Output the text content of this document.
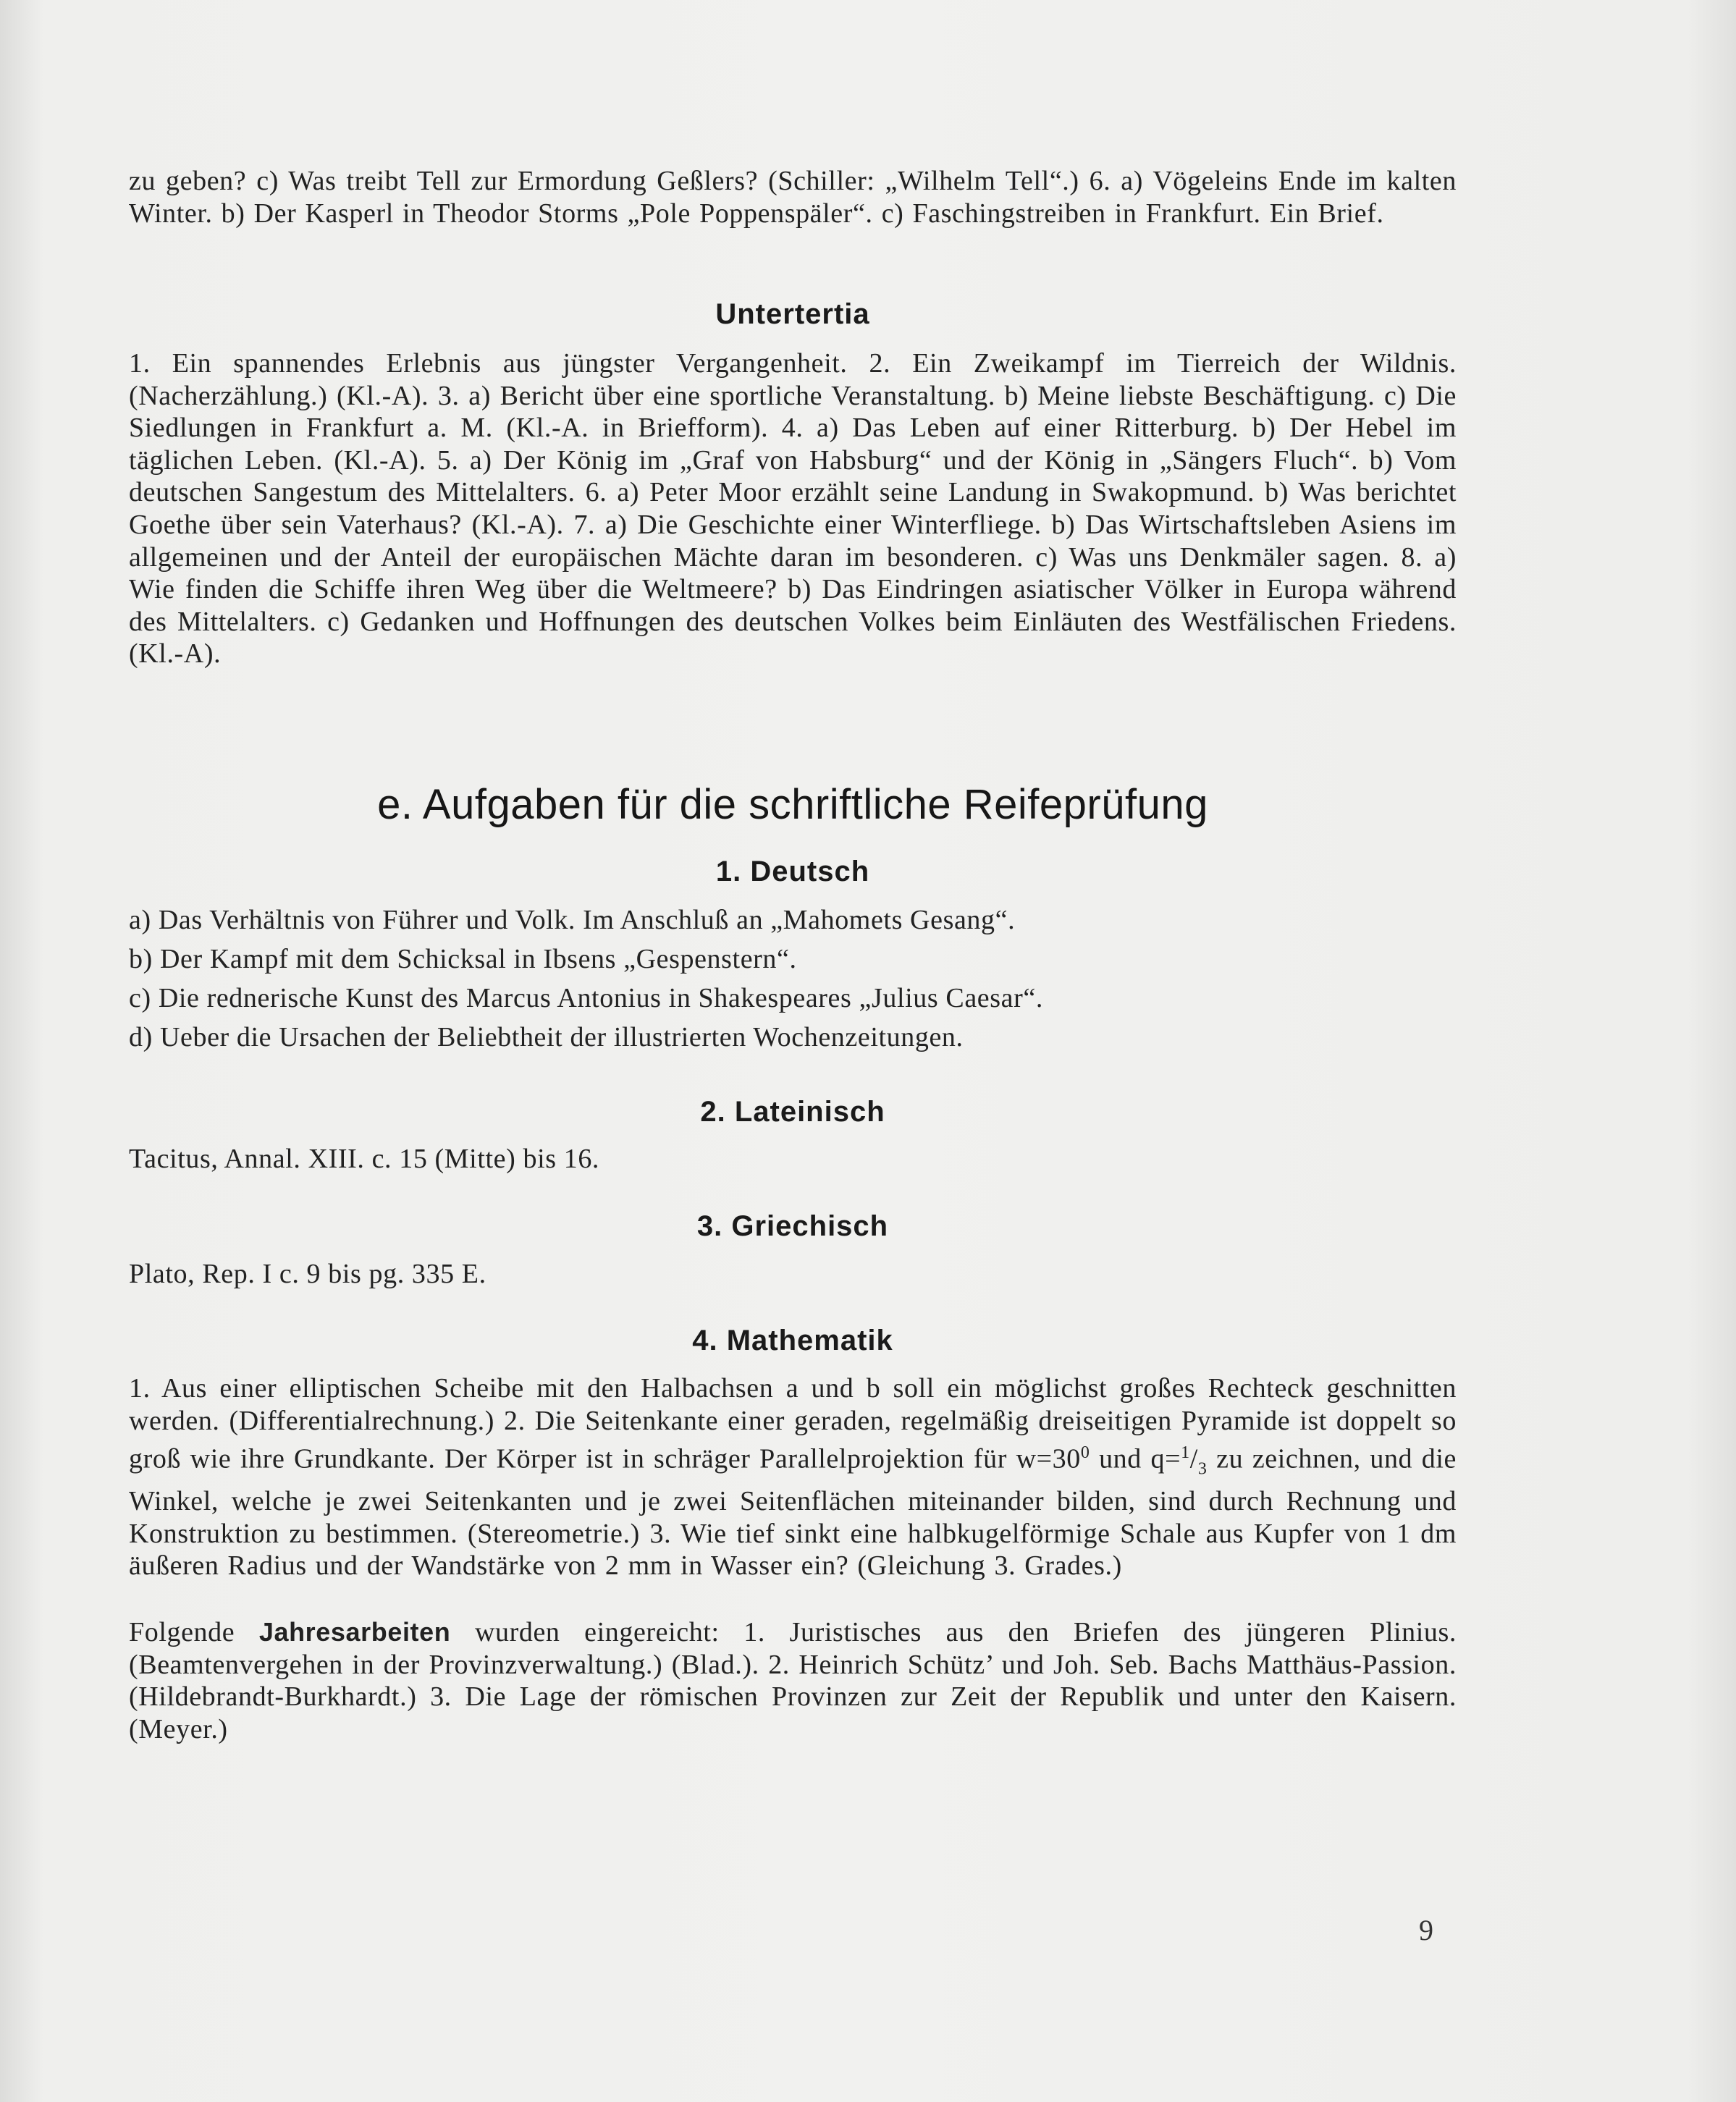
zu geben? c) Was treibt Tell zur Ermordung Geßlers? (Schiller: „Wilhelm Tell“.) 6. a) Vögeleins Ende im kalten Winter. b) Der Kasperl in Theodor Storms „Pole Poppenspäler“. c) Faschingstreiben in Frankfurt. Ein Brief.
Untertertia
1. Ein spannendes Erlebnis aus jüngster Vergangenheit. 2. Ein Zweikampf im Tierreich der Wildnis. (Nacherzählung.) (Kl.-A). 3. a) Bericht über eine sportliche Veranstaltung. b) Meine liebste Beschäftigung. c) Die Siedlungen in Frankfurt a. M. (Kl.-A. in Briefform). 4. a) Das Leben auf einer Ritterburg. b) Der Hebel im täglichen Leben. (Kl.-A). 5. a) Der König im „Graf von Habsburg“ und der König in „Sängers Fluch“. b) Vom deutschen Sangestum des Mittelalters. 6. a) Peter Moor erzählt seine Landung in Swakopmund. b) Was berichtet Goethe über sein Vaterhaus? (Kl.-A). 7. a) Die Geschichte einer Winterfliege. b) Das Wirtschaftsleben Asiens im allgemeinen und der Anteil der europäischen Mächte daran im besonderen. c) Was uns Denkmäler sagen. 8. a) Wie finden die Schiffe ihren Weg über die Weltmeere? b) Das Eindringen asiatischer Völker in Europa während des Mittelalters. c) Gedanken und Hoffnungen des deutschen Volkes beim Einläuten des Westfälischen Friedens. (Kl.-A).
e. Aufgaben für die schriftliche Reifeprüfung
1. Deutsch
a) Das Verhältnis von Führer und Volk. Im Anschluß an „Mahomets Gesang“.
b) Der Kampf mit dem Schicksal in Ibsens „Gespenstern“.
c) Die rednerische Kunst des Marcus Antonius in Shakespeares „Julius Caesar“.
d) Ueber die Ursachen der Beliebtheit der illustrierten Wochenzeitungen.
2. Lateinisch
Tacitus, Annal. XIII. c. 15 (Mitte) bis 16.
3. Griechisch
Plato, Rep. I c. 9 bis pg. 335 E.
4. Mathematik
1. Aus einer elliptischen Scheibe mit den Halbachsen a und b soll ein möglichst großes Rechteck geschnitten werden. (Differentialrechnung.) 2. Die Seitenkante einer geraden, regelmäßig dreiseitigen Pyramide ist doppelt so groß wie ihre Grundkante. Der Körper ist in schräger Parallelprojektion für $w=30^0$ und $q=^1/_3$ zu zeichnen, und die Winkel, welche je zwei Seitenkanten und je zwei Seitenflächen miteinander bilden, sind durch Rechnung und Konstruktion zu bestimmen. (Stereometrie.) 3. Wie tief sinkt eine halbkugelförmige Schale aus Kupfer von 1 dm äußeren Radius und der Wandstärke von 2 mm in Wasser ein? (Gleichung 3. Grades.)
Folgende Jahresarbeiten wurden eingereicht: 1. Juristisches aus den Briefen des jüngeren Plinius. (Beamtenvergehen in der Provinzverwaltung.) (Blad.). 2. Heinrich Schütz’ und Joh. Seb. Bachs Matthäus-Passion. (Hildebrandt-Burkhardt.) 3. Die Lage der römischen Provinzen zur Zeit der Republik und unter den Kaisern. (Meyer.)
9
